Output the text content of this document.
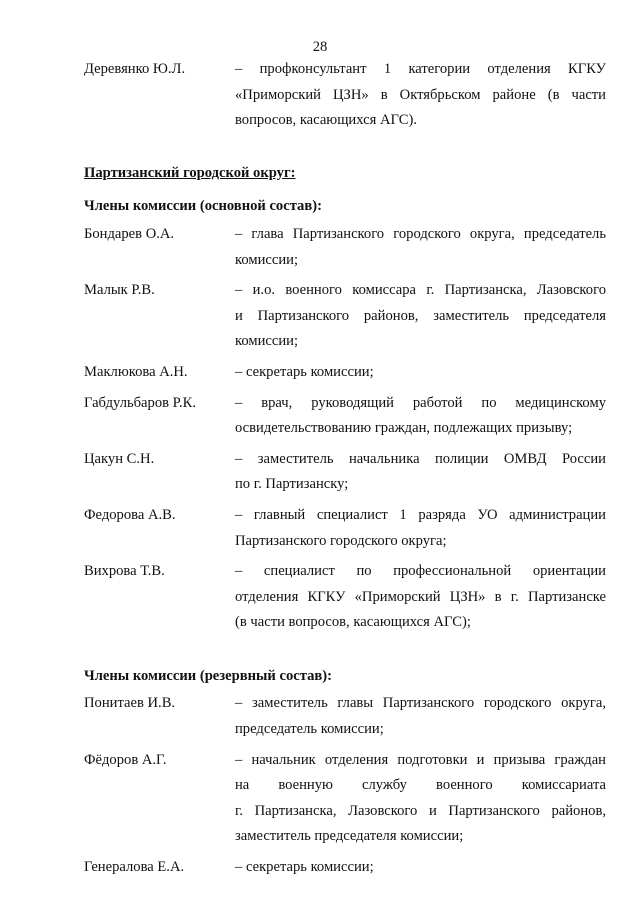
28
Деревянко Ю.Л.	– профконсультант 1 категории отделения КГКУ
«Приморский ЦЗН» в Октябрьском районе (в части
вопросов, касающихся АГС).
Партизанский городской округ:
Члены комиссии (основной состав):
Бондарев О.А.	– глава Партизанского городского округа, председатель
комиссии;
Малык Р.В.	– и.о. военного комиссара г. Партизанска, Лазовского
и Партизанского районов, заместитель председателя
комиссии;
Маклюкова А.Н.	– секретарь комиссии;
Габдульбаров Р.К.	– врач, руководящий работой по медицинскому
освидетельствованию граждан, подлежащих призыву;
Цакун С.Н.	– заместитель начальника полиции ОМВД России
по г. Партизанску;
Федорова А.В.	– главный специалист 1 разряда УО администрации
Партизанского городского округа;
Вихрова Т.В.	– специалист по профессиональной ориентации
отделения КГКУ «Приморский ЦЗН» в г. Партизанске
(в части вопросов, касающихся АГС);
Члены комиссии (резервный состав):
Понитаев И.В.	– заместитель главы Партизанского городского округа,
председатель комиссии;
Фёдоров А.Г.	– начальник отделения подготовки и призыва граждан
на военную службу военного комиссариата
г. Партизанска, Лазовского и Партизанского районов,
заместитель председателя комиссии;
Генералова Е.А.	– секретарь комиссии;
